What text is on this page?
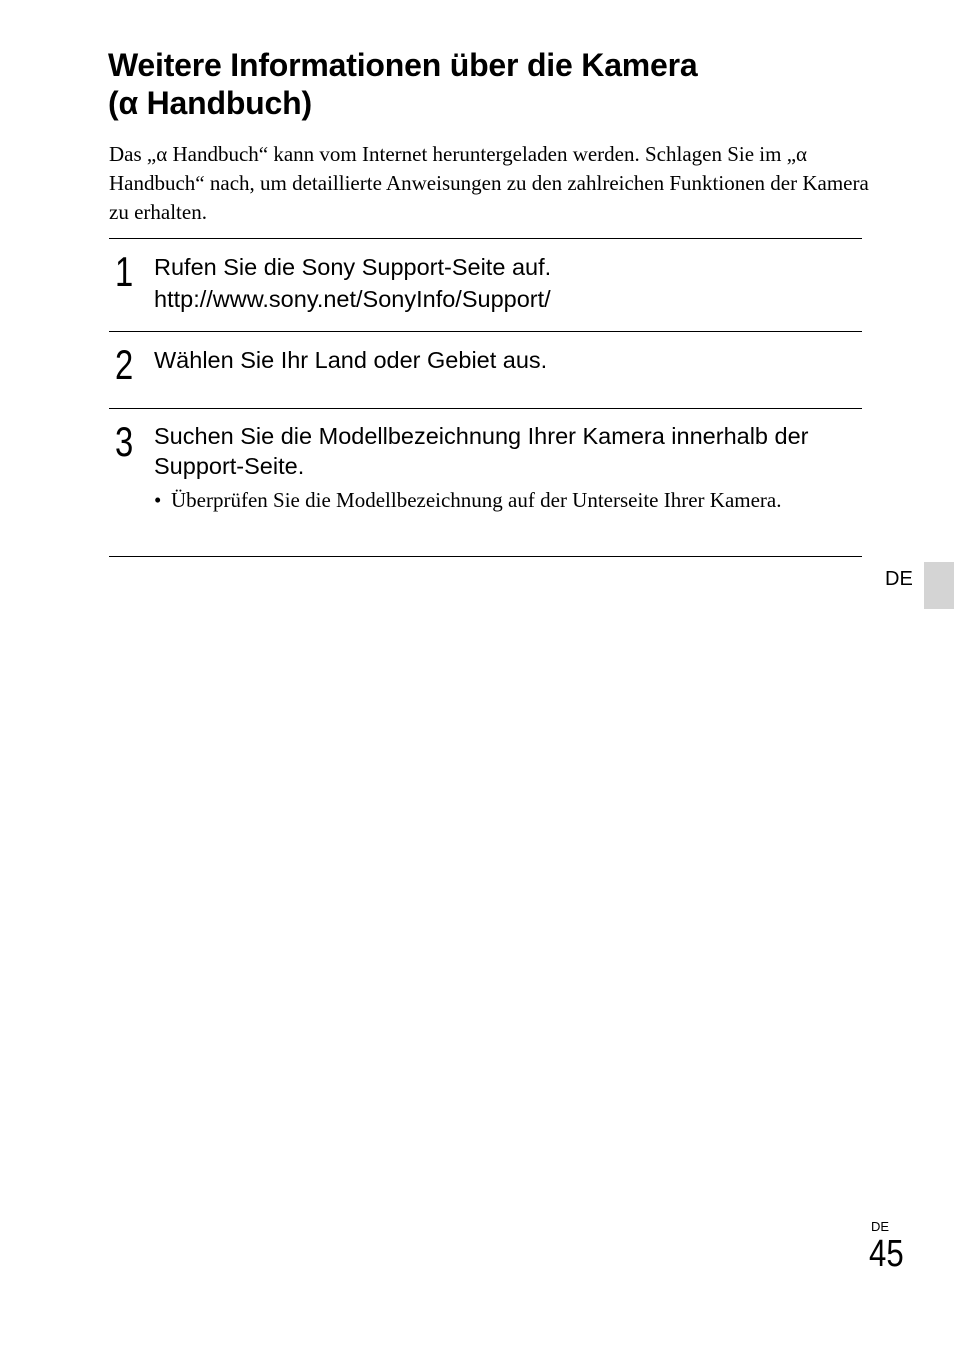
Weitere Informationen über die Kamera
(α Handbuch)

Das „α Handbuch“ kann vom Internet heruntergeladen werden. Schlagen Sie im „α Handbuch“ nach, um detaillierte Anweisungen zu den zahlreichen Funktionen der Kamera zu erhalten.

1 Rufen Sie die Sony Support-Seite auf.
http://www.sony.net/SonyInfo/Support/
2 Wählen Sie Ihr Land oder Gebiet aus.
3 Suchen Sie die Modellbezeichnung Ihrer Kamera innerhalb der Support-Seite.
• Überprüfen Sie die Modellbezeichnung auf der Unterseite Ihrer Kamera.
DE
DE
45
